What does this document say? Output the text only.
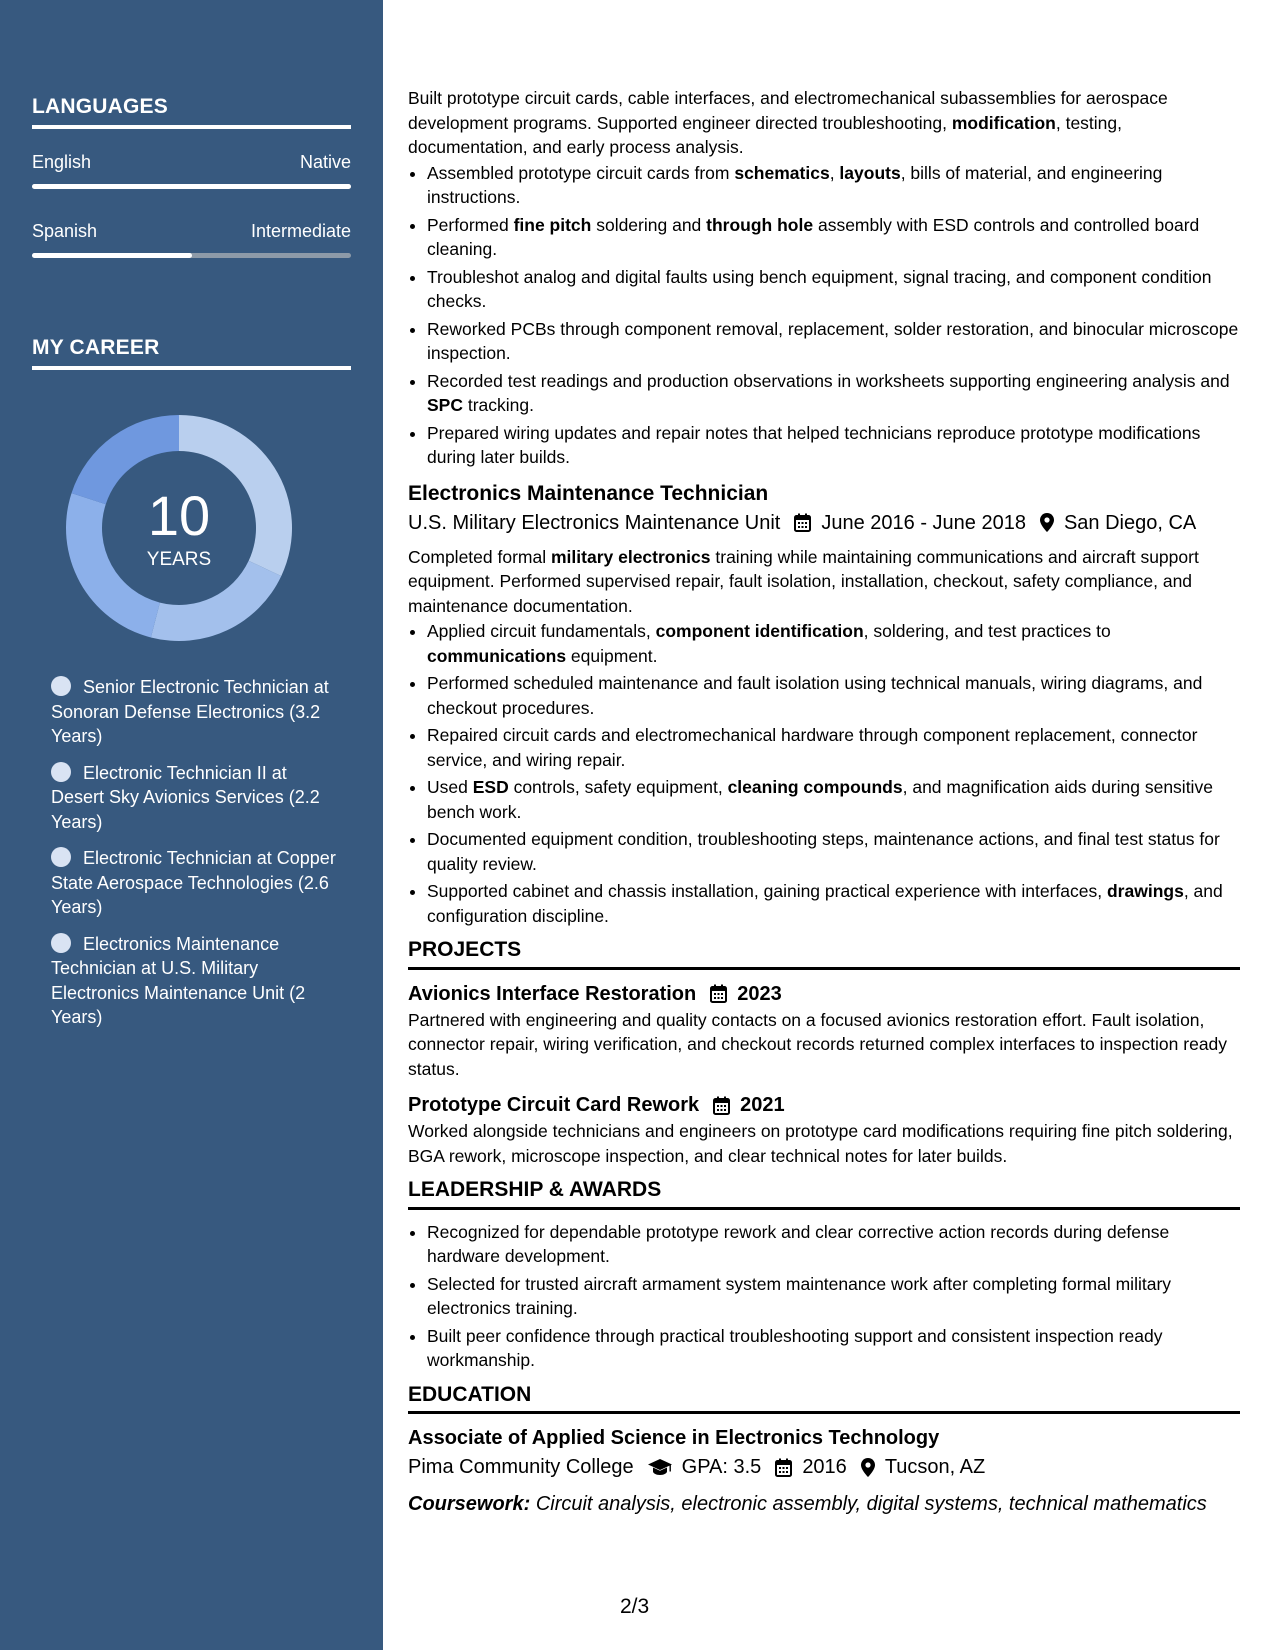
LANGUAGES
English	Native
Spanish	Intermediate
MY CAREER
10
YEARS
Senior Electronic Technician at Sonoran Defense Electronics (3.2 Years)
Electronic Technician II at Desert Sky Avionics Services (2.2 Years)
Electronic Technician at Copper State Aerospace Technologies (2.6 Years)
Electronics Maintenance Technician at U.S. Military Electronics Maintenance Unit (2 Years)

Built prototype circuit cards, cable interfaces, and electromechanical subassemblies for aerospace development programs. Supported engineer directed troubleshooting, modification, testing, documentation, and early process analysis.

• Assembled prototype circuit cards from schematics, layouts, bills of material, and engineering instructions.
• Performed fine pitch soldering and through hole assembly with ESD controls and controlled board cleaning.
• Troubleshot analog and digital faults using bench equipment, signal tracing, and component condition checks.
• Reworked PCBs through component removal, replacement, solder restoration, and binocular microscope inspection.
• Recorded test readings and production observations in worksheets supporting engineering analysis and SPC tracking.
• Prepared wiring updates and repair notes that helped technicians reproduce prototype modifications during later builds.
Electronics Maintenance Technician
U.S. Military Electronics Maintenance Unit June 2016 - June 2018 San Diego, CA

Completed formal military electronics training while maintaining communications and aircraft support equipment. Performed supervised repair, fault isolation, installation, checkout, safety compliance, and maintenance documentation.

• Applied circuit fundamentals, component identification, soldering, and test practices to communications equipment.
• Performed scheduled maintenance and fault isolation using technical manuals, wiring diagrams, and checkout procedures.
• Repaired circuit cards and electromechanical hardware through component replacement, connector service, and wiring repair.
• Used ESD controls, safety equipment, cleaning compounds, and magnification aids during sensitive bench work.
• Documented equipment condition, troubleshooting steps, maintenance actions, and final test status for quality review.
• Supported cabinet and chassis installation, gaining practical experience with interfaces, drawings, and configuration discipline.
PROJECTS
Avionics Interface Restoration 2023

Partnered with engineering and quality contacts on a focused avionics restoration effort. Fault isolation, connector repair, wiring verification, and checkout records returned complex interfaces to inspection ready status.

Prototype Circuit Card Rework 2021

Worked alongside technicians and engineers on prototype card modifications requiring fine pitch soldering, BGA rework, microscope inspection, and clear technical notes for later builds.

LEADERSHIP & AWARDS
• Recognized for dependable prototype rework and clear corrective action records during defense hardware development.
• Selected for trusted aircraft armament system maintenance work after completing formal military electronics training.
• Built peer confidence through practical troubleshooting support and consistent inspection ready workmanship.
EDUCATION
Associate of Applied Science in Electronics Technology
Pima Community College GPA: 3.5 2016 Tucson, AZ
Coursework: Circuit analysis, electronic assembly, digital systems, technical mathematics
2/3
